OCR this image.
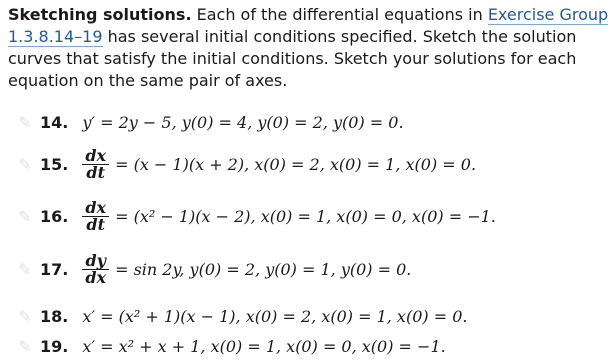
Sketching solutions. Each of the differential equations in Exercise Group 1.3.8.14–19 has several initial conditions specified. Sketch the solution curves that satisfy the initial conditions. Sketch your solutions for each equation on the same pair of axes.
✎ 14. y′ = 2y − 5, y(0) = 4, y(0) = 2, y(0) = 0.
✎ 15. $\frac{dx}{dt} = (x - 1)(x + 2)$, x(0) = 2, x(0) = 1, x(0) = 0.
✎ 16. $\frac{dx}{dt} = (x^2 - 1)(x - 2)$, x(0) = 1, x(0) = 0, x(0) = −1.
✎ 17. $\frac{dy}{dx} = \sin 2y$, y(0) = 2, y(0) = 1, y(0) = 0.
✎ 18. x′ = (x² + 1)(x − 1), x(0) = 2, x(0) = 1, x(0) = 0.
✎ 19. x′ = x² + x + 1, x(0) = 1, x(0) = 0, x(0) = −1.
